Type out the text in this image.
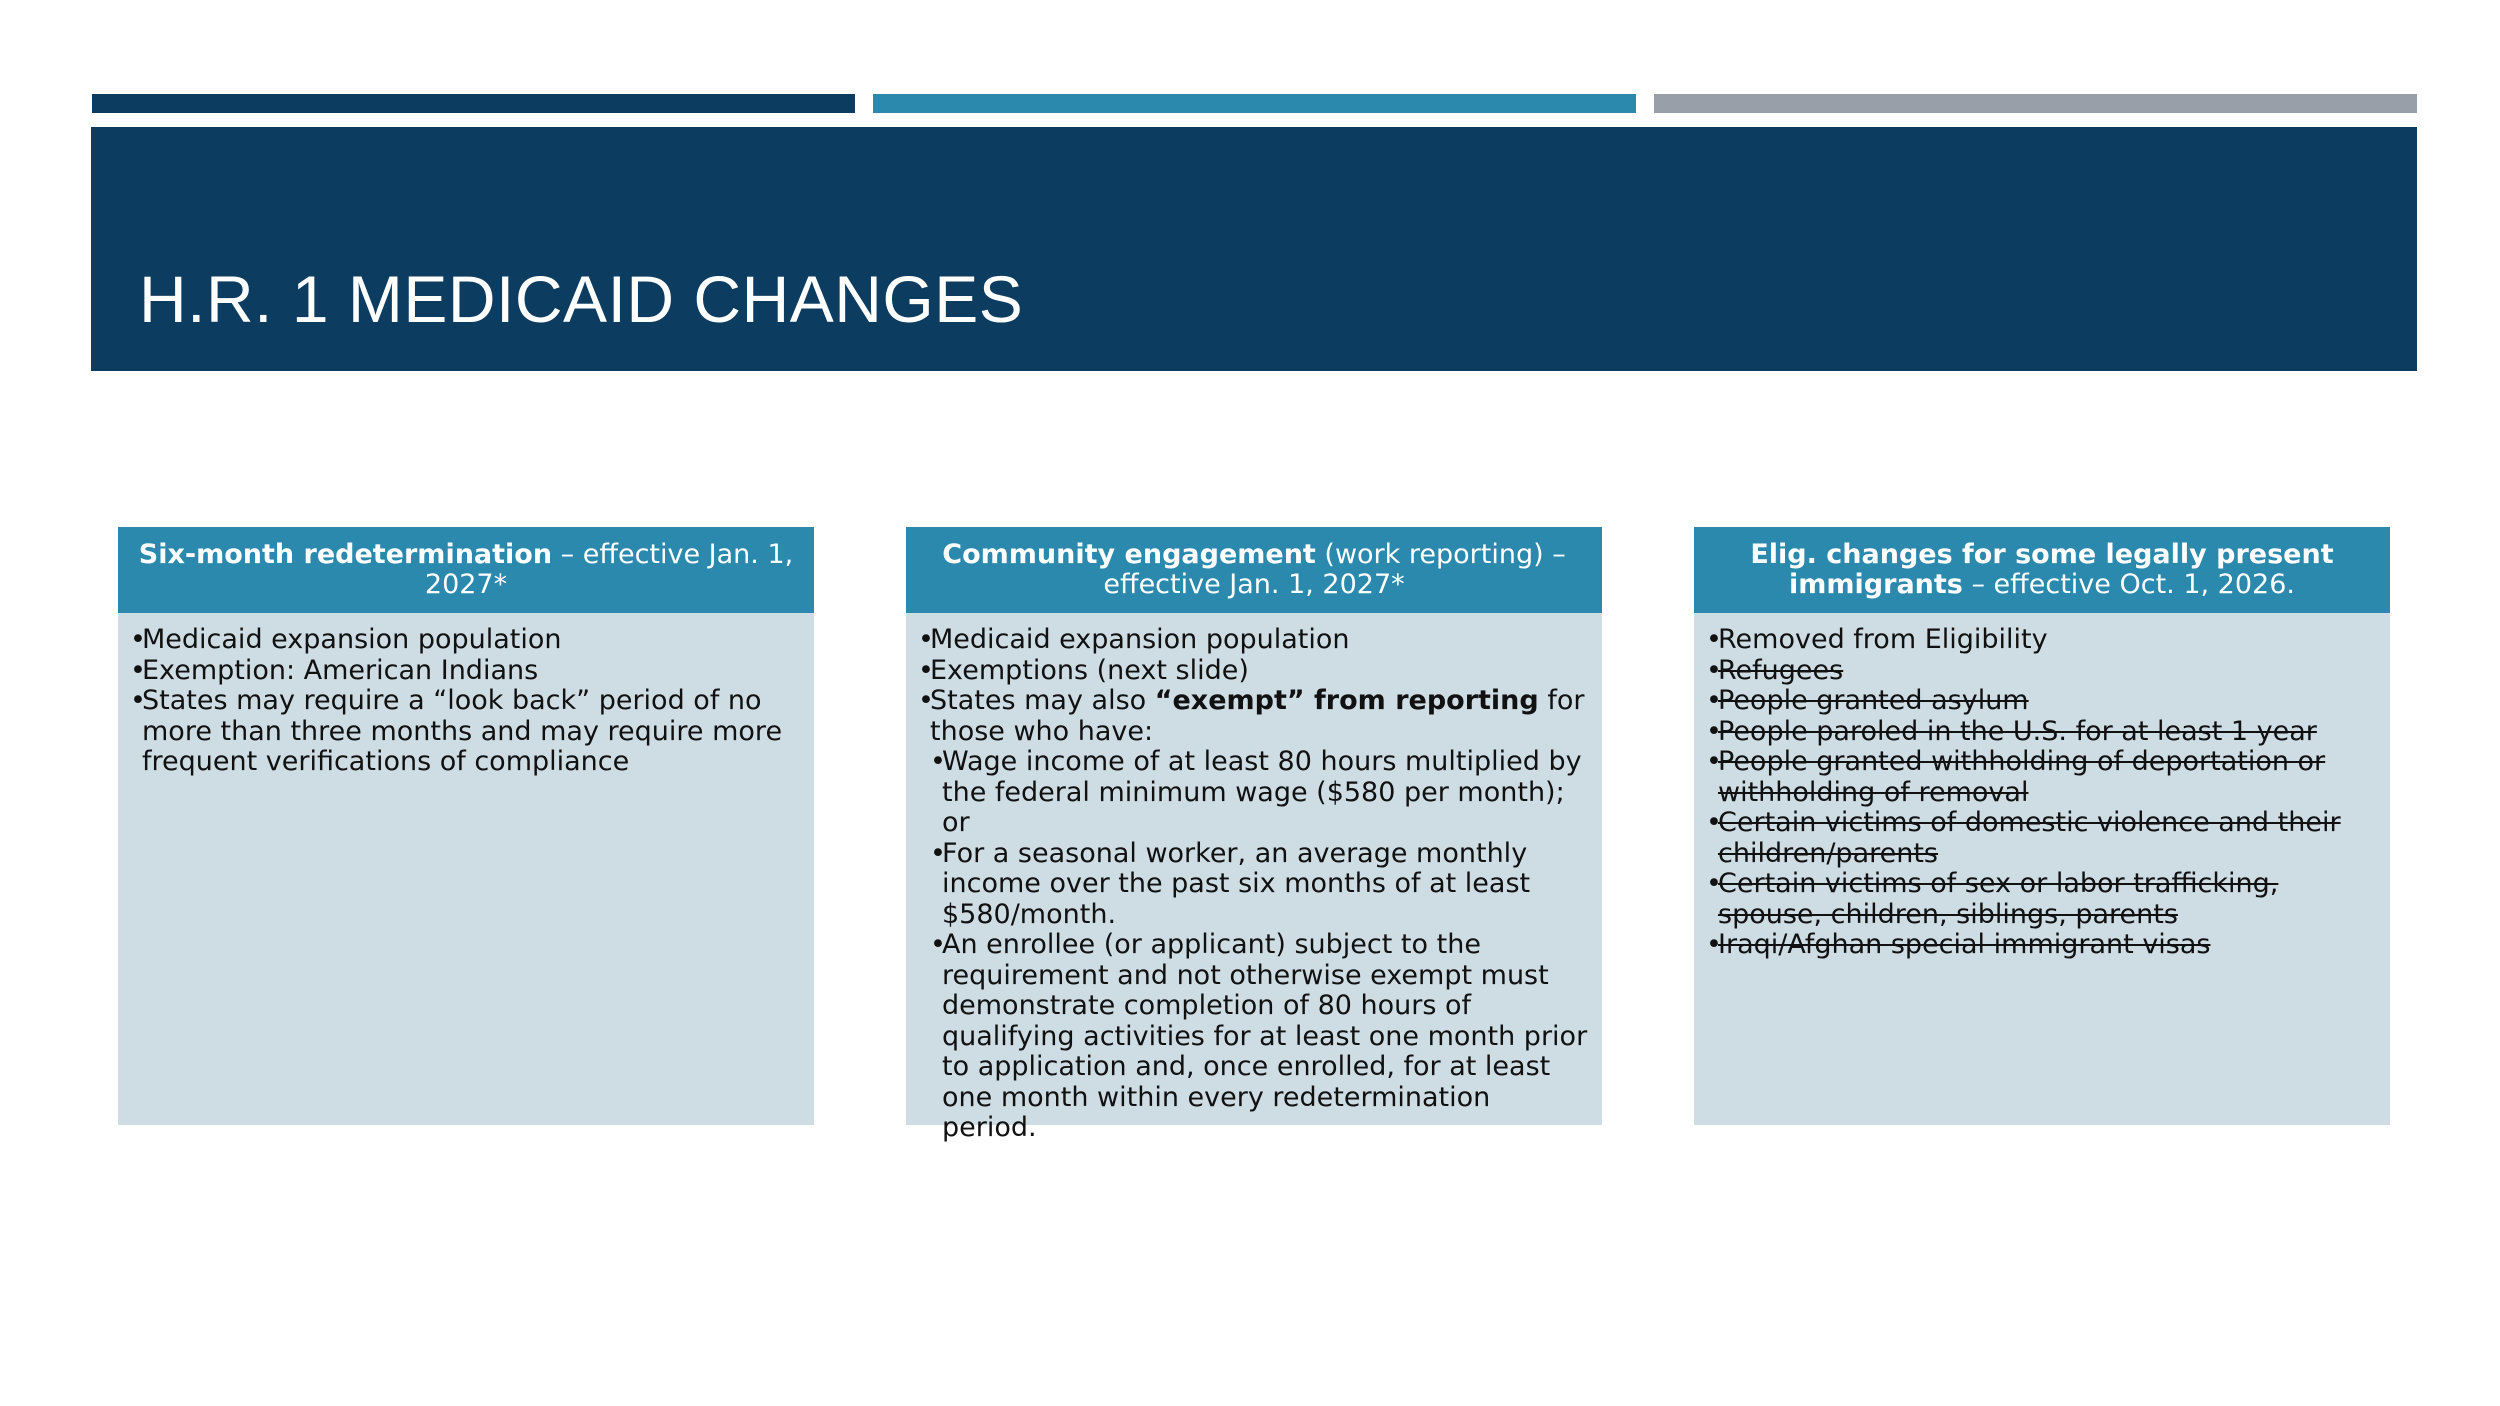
H.R. 1 MEDICAID CHANGES
Six-month redetermination – effective Jan. 1, 2027*
•
Medicaid expansion population
•
Exemption: American Indians
•
States may require a “look back” period of no more than three months and may require more frequent verifications of compliance
Community engagement (work reporting) – effective Jan. 1, 2027*
•
Medicaid expansion population
•
Exemptions (next slide)
•
States may also “exempt” from reporting for those who have:
•
Wage income of at least 80 hours multiplied by the federal minimum wage ($580 per month); or
•
For a seasonal worker, an average monthly income over the past six months of at least $580/month.
•
An enrollee (or applicant) subject to the requirement and not otherwise exempt must demonstrate completion of 80 hours of qualifying activities for at least one month prior to application and, once enrolled, for at least one month within every redetermination period.
Elig. changes for some legally present immigrants – effective Oct. 1, 2026.
•
Removed from Eligibility
•
Refugees
•
People granted asylum
•
People paroled in the U.S. for at least 1 year
•
People granted withholding of deportation or withholding of removal
•
Certain victims of domestic violence and their children/parents
•
Certain victims of sex or labor trafficking, spouse, children, siblings, parents
•
Iraqi/Afghan special immigrant visas
